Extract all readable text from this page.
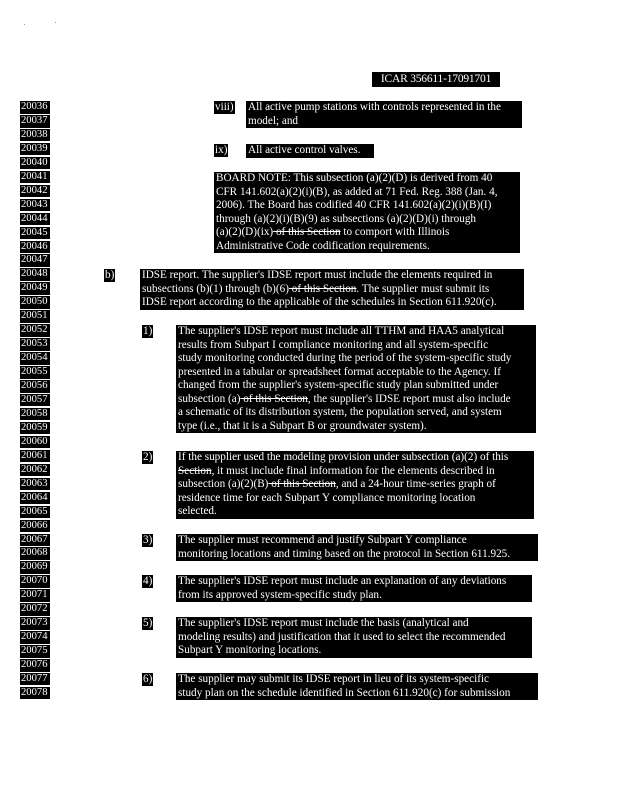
ICAR 356611-17091701
20036
20037
20038
20039
20040
20041
20042
20043
20044
20045
20046
20047
20048
20049
20050
20051
20052
20053
20054
20055
20056
20057
20058
20059
20060
20061
20062
20063
20064
20065
20066
20067
20068
20069
20070
20071
20072
20073
20074
20075
20076
20077
20078
viii) All active pump stations with controls represented in the
model; and
ix) All active control valves.
BOARD NOTE: This subsection (a)(2)(D) is derived from 40
CFR 141.602(a)(2)(i)(B), as added at 71 Fed. Reg. 388 (Jan. 4,
2006). The Board has codified 40 CFR 141.602(a)(2)(i)(B)(I)
through (a)(2)(i)(B)(9) as subsections (a)(2)(D)(i) through
(a)(2)(D)(ix) of this Section to comport with Illinois
Administrative Code codification requirements.
b) IDSE report. The supplier's IDSE report must include the elements required in
subsections (b)(1) through (b)(6) of this Section. The supplier must submit its
IDSE report according to the applicable of the schedules in Section 611.920(c).
1) The supplier's IDSE report must include all TTHM and HAA5 analytical
results from Subpart I compliance monitoring and all system-specific
study monitoring conducted during the period of the system-specific study
presented in a tabular or spreadsheet format acceptable to the Agency. If
changed from the supplier's system-specific study plan submitted under
subsection (a) of this Section, the supplier's IDSE report must also include
a schematic of its distribution system, the population served, and system
type (i.e., that it is a Subpart B or groundwater system).
2) If the supplier used the modeling provision under subsection (a)(2) of this
Section, it must include final information for the elements described in
subsection (a)(2)(B) of this Section, and a 24-hour time-series graph of
residence time for each Subpart Y compliance monitoring location
selected.
3) The supplier must recommend and justify Subpart Y compliance
monitoring locations and timing based on the protocol in Section 611.925.
4) The supplier's IDSE report must include an explanation of any deviations
from its approved system-specific study plan.
5) The supplier's IDSE report must include the basis (analytical and
modeling results) and justification that it used to select the recommended
Subpart Y monitoring locations.
6) The supplier may submit its IDSE report in lieu of its system-specific
study plan on the schedule identified in Section 611.920(c) for submission
